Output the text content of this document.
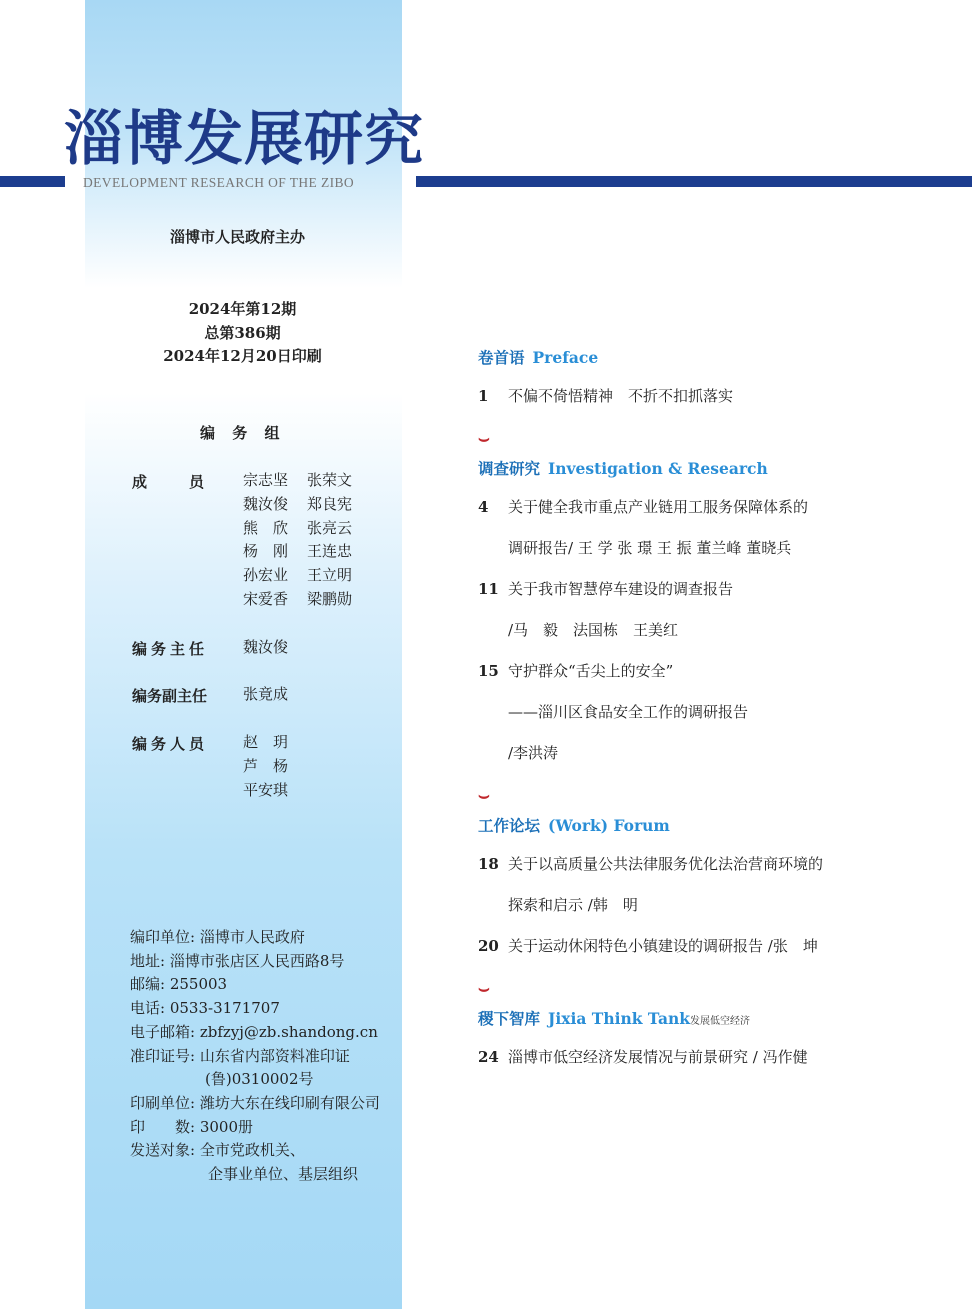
淄博发展研究
DEVELOPMENT RESEARCH OF THE ZIBO
淄博市人民政府主办
2024年第12期
总第386期
2024年12月20日印刷
编 务 组
成　　员 宗志坚 张荣文
魏汝俊 郑良宪
熊　欣 张亮云
杨　刚 王连忠
孙宏业 王立明
宋爱香 梁鹏勋
编务主任 魏汝俊
编务副主任 张竟成
编务人员 赵　玥
芦　杨
平安琪
编印单位: 淄博市人民政府
地址: 淄博市张店区人民西路8号
邮编: 255003
电话: 0533-3171707
电子邮箱: zbfzyj@zb.shandong.cn
准印证号: 山东省内部资料准印证
(鲁)0310002号
印刷单位: 潍坊大东在线印刷有限公司
印　　数: 3000册
发送对象: 全市党政机关、
企事业单位、基层组织
卷首语 Preface
1 不偏不倚悟精神　不折不扣抓落实
⌣
调查研究 Investigation & Research
4 关于健全我市重点产业链用工服务保障体系的
调研报告/ 王 学 张 璟 王 振 董兰峰 董晓兵
11 关于我市智慧停车建设的调查报告
/马　毅　法国栋　王美红
15 守护群众“舌尖上的安全”
——淄川区食品安全工作的调研报告
/李洪涛
⌣
工作论坛 (Work) Forum
18 关于以高质量公共法律服务优化法治营商环境的
探索和启示 /韩　明
20 关于运动休闲特色小镇建设的调研报告 /张　坤
⌣
稷下智库 Jixia Think Tank发展低空经济
24 淄博市低空经济发展情况与前景研究 / 冯作健
